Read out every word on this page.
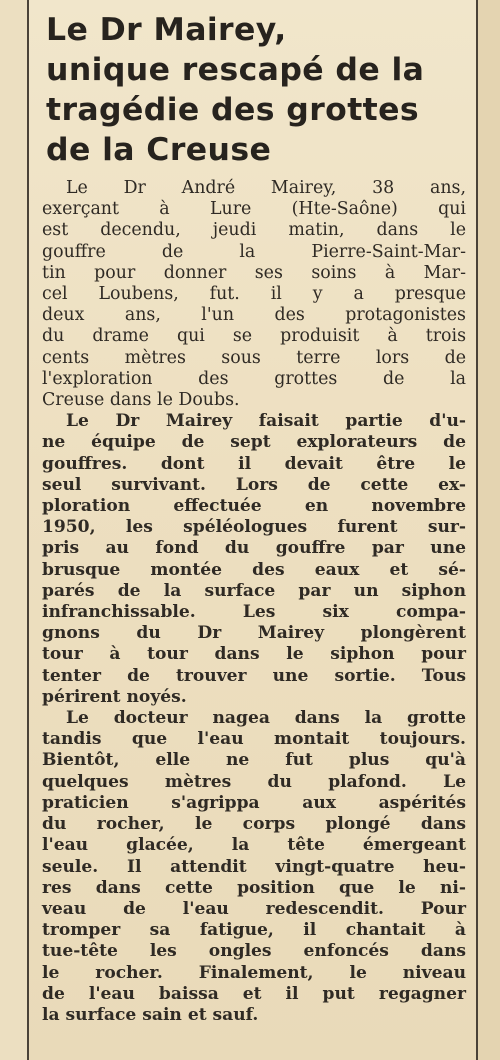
Le Dr Mairey,
unique rescapé de la
tragédie des grottes
de la Creuse

Le Dr André Mairey, 38 ans,
exerçant à Lure (Hte-Saône) qui
est decendu, jeudi matin, dans le
gouffre de la Pierre-Saint-Mar-
tin pour donner ses soins à Mar-
cel Loubens, fut. il y a presque
deux ans, l'un des protagonistes
du drame qui se produisit à trois
cents mètres sous terre lors de
l'exploration des grottes de la
Creuse dans le Doubs.

Le Dr Mairey faisait partie d'u-
ne équipe de sept explorateurs de
gouffres. dont il devait être le
seul survivant. Lors de cette ex-
ploration effectuée en novembre
1950, les spéléologues furent sur-
pris au fond du gouffre par une
brusque montée des eaux et sé-
parés de la surface par un siphon
infranchissable. Les six compa-
gnons du Dr Mairey plongèrent
tour à tour dans le siphon pour
tenter de trouver une sortie. Tous
périrent noyés.

Le docteur nagea dans la grotte
tandis que l'eau montait toujours.
Bientôt, elle ne fut plus qu'à
quelques mètres du plafond. Le
praticien s'agrippa aux aspérités
du rocher, le corps plongé dans
l'eau glacée, la tête émergeant
seule. Il attendit vingt-quatre heu-
res dans cette position que le ni-
veau de l'eau redescendit. Pour
tromper sa fatigue, il chantait à
tue-tête les ongles enfoncés dans
le rocher. Finalement, le niveau
de l'eau baissa et il put regagner
la surface sain et sauf.
